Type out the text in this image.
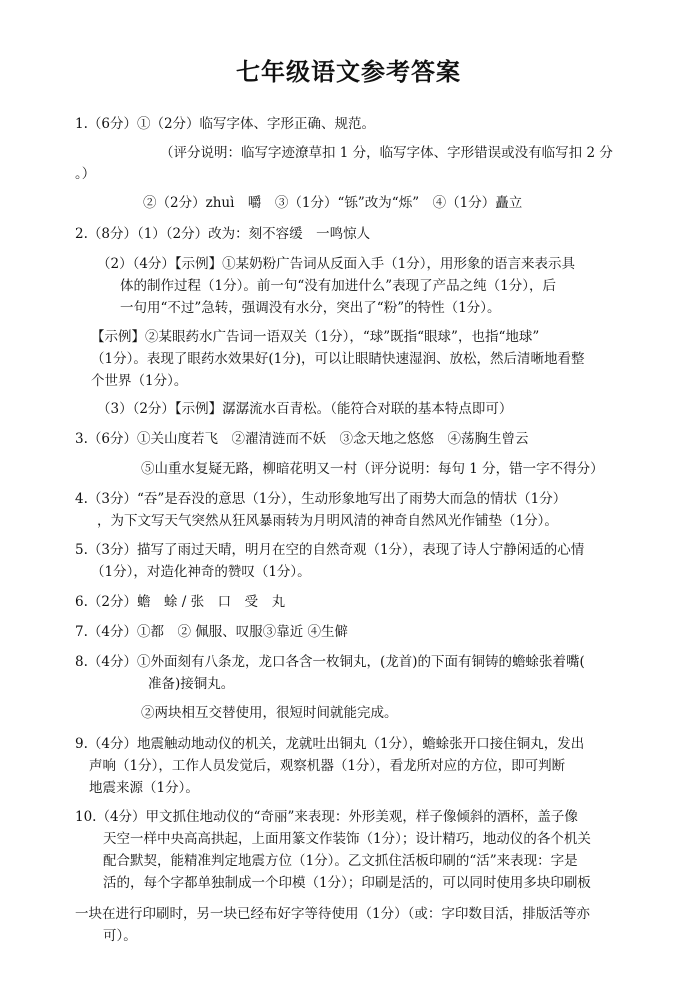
七年级语文参考答案
1.（6分）①（2分）临写字体、字形正确、规范。
（评分说明：临写字迹潦草扣 1 分，临写字体、字形错误或没有临写扣 2 分
。）
②（2分）zhuì　嚼　③（1分）“铄”改为“烁”　④（1分）矗立
2.（8分）（1）（2分）改为：刻不容缓　一鸣惊人
（2）（4分）【示例】①某奶粉广告词从反面入手（1分），用形象的语言来表示具
体的制作过程（1分）。前一句“没有加进什么”表现了产品之纯（1分），后
一句用“不过”急转，强调没有水分，突出了“粉”的特性（1分）。
【示例】②某眼药水广告词一语双关（1分），“球”既指“眼球”，也指“地球”
（1分）。表现了眼药水效果好(1分)，可以让眼睛快速湿润、放松，然后清晰地看整
个世界（1分）。
（3）（2分）【示例】潺潺流水百青松。（能符合对联的基本特点即可）
3.（6分）①关山度若飞　②濯清涟而不妖　③念天地之悠悠　④荡胸生曾云
⑤山重水复疑无路，柳暗花明又一村（评分说明：每句 1 分，错一字不得分）
4.（3分）“吞”是吞没的意思（1分），生动形象地写出了雨势大而急的情状（1分）
，为下文写天气突然从狂风暴雨转为月明风清的神奇自然风光作铺垫（1分）。
5.（3分）描写了雨过天晴，明月在空的自然奇观（1分），表现了诗人宁静闲适的心情
（1分），对造化神奇的赞叹（1分）。
6.（2分）蟾　蜍 / 张　口　受　丸
7.（4分）①都　② 佩服、叹服③靠近 ④生僻
8.（4分）①外面刻有八条龙，龙口各含一枚铜丸，(龙首)的下面有铜铸的蟾蜍张着嘴(
准备)接铜丸。
②两块相互交替使用，很短时间就能完成。
9.（4分）地震触动地动仪的机关，龙就吐出铜丸（1分），蟾蜍张开口接住铜丸，发出
声响（1分），工作人员发觉后，观察机器（1分），看龙所对应的方位，即可判断
地震来源（1分）。
10.（4分）甲文抓住地动仪的“奇丽”来表现：外形美观，样子像倾斜的酒杯，盖子像
天空一样中央高高拱起，上面用篆文作装饰（1分）；设计精巧，地动仪的各个机关
配合默契，能精准判定地震方位（1分）。乙文抓住活板印刷的“活”来表现：字是
活的，每个字都单独制成一个印模（1分）；印刷是活的，可以同时使用多块印刷板
一块在进行印刷时，另一块已经布好字等待使用（1分）（或：字印数目活，排版活等亦
可）。
